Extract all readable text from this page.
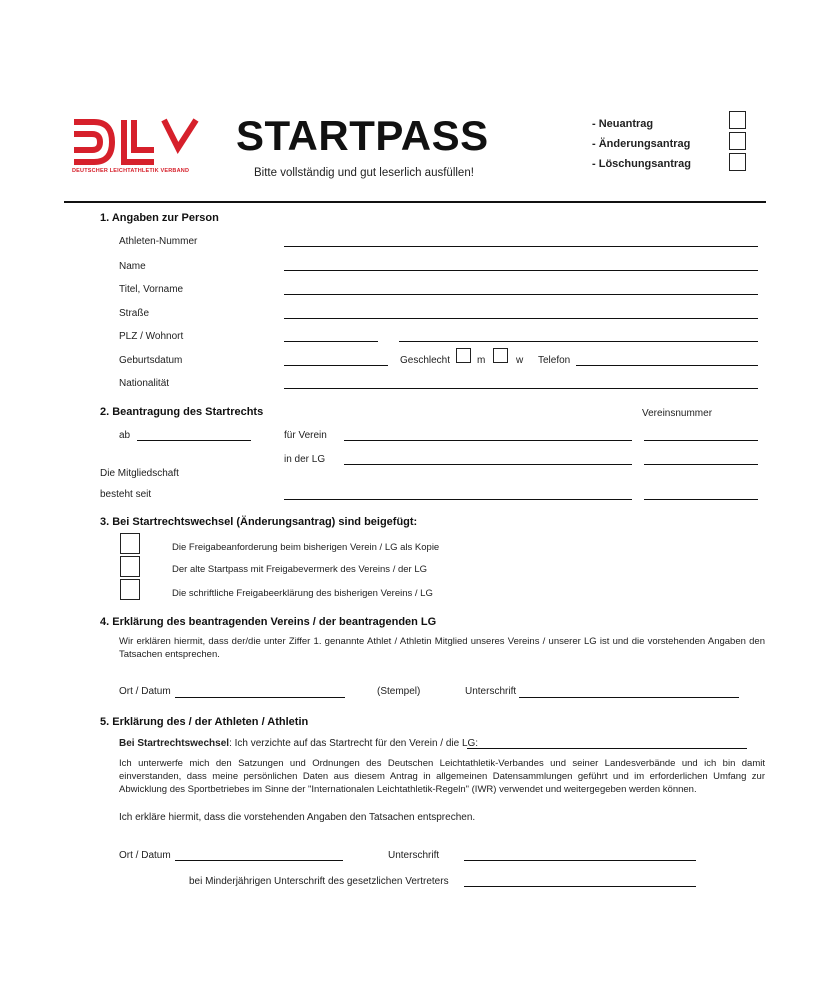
DEUTSCHER LEICHTATHLETIK VERBAND
STARTPASS
Bitte vollständig und gut leserlich ausfüllen!
- Neuantrag
- Änderungsantrag
- Löschungsantrag
1. Angaben zur Person
Athleten-Nummer
Name
Titel, Vorname
Straße
PLZ / Wohnort
Geburtsdatum	Geschlecht	m	w Telefon
Nationalität
2. Beantragung des Startrechts	Vereinsnummer
ab	für Verein
in der LG
Die Mitgliedschaft
besteht seit
3. Bei Startrechtswechsel (Änderungsantrag) sind beigefügt:
Die Freigabeanforderung beim bisherigen Verein / LG als Kopie
Der alte Startpass mit Freigabevermerk des Vereins / der LG
Die schriftliche Freigabeerklärung des bisherigen Vereins / LG
4. Erklärung des beantragenden Vereins / der beantragenden LG
Wir erklären hiermit, dass der/die unter Ziffer 1. genannte Athlet / Athletin Mitglied unseres Vereins / unserer LG ist und die vorstehenden Angaben den Tatsachen entsprechen.
Ort / Datum	(Stempel)	Unterschrift
5. Erklärung des / der Athleten / Athletin
Bei Startrechtswechsel: Ich verzichte auf das Startrecht für den Verein / die LG:
Ich unterwerfe mich den Satzungen und Ordnungen des Deutschen Leichtathletik-Verbandes und seiner Landesverbände und ich bin damit einverstanden, dass meine persönlichen Daten aus diesem Antrag in allgemeinen Datensammlungen geführt und im erforderlichen Umfang zur Abwicklung des Sportbetriebes im Sinne der "Internationalen Leichtathletik-Regeln" (IWR) verwendet und weitergegeben werden können.
Ich erkläre hiermit, dass die vorstehenden Angaben den Tatsachen entsprechen.
Ort / Datum	Unterschrift
bei Minderjährigen Unterschrift des gesetzlichen Vertreters
